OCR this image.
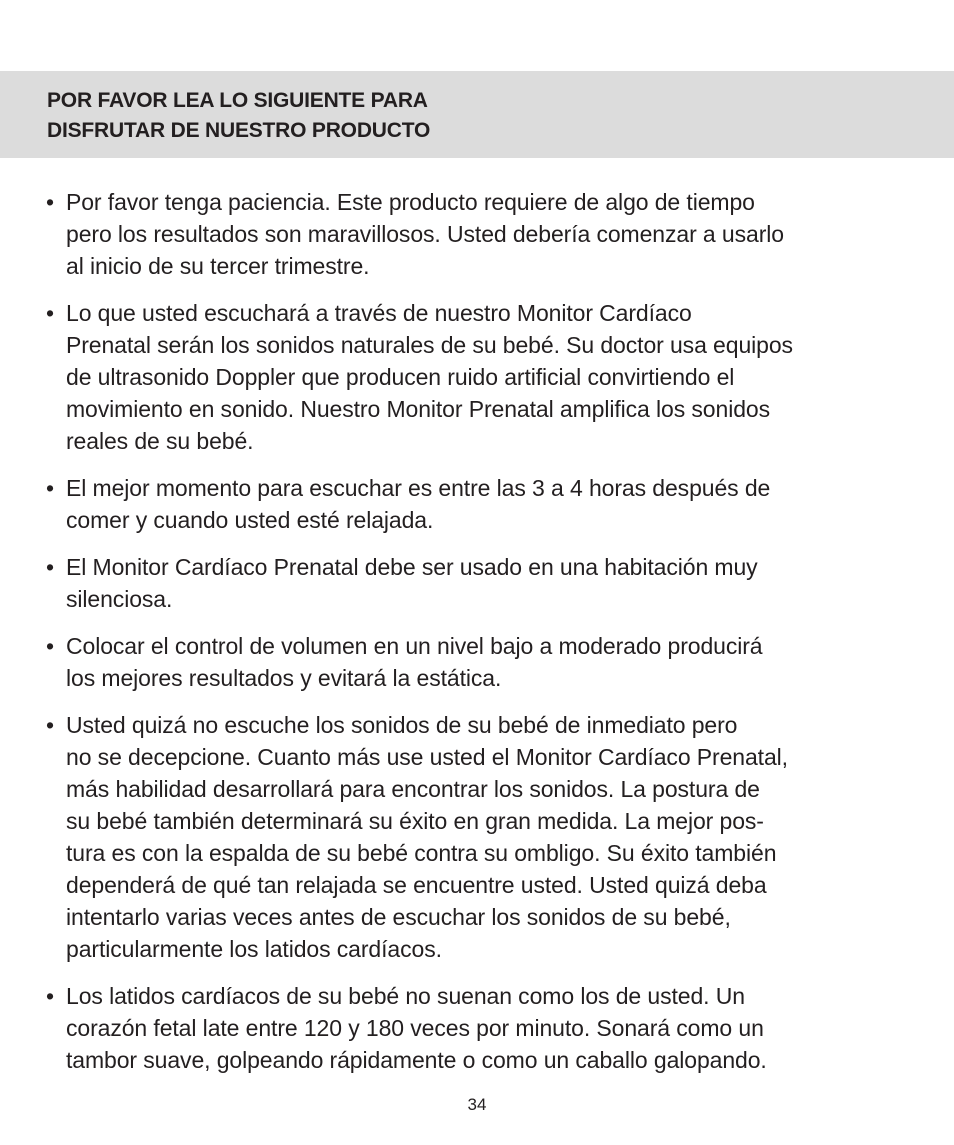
POR FAVOR LEA LO SIGUIENTE PARA
DISFRUTAR DE NUESTRO PRODUCTO
• Por favor tenga paciencia. Este producto requiere de algo de tiempo
pero los resultados son maravillosos. Usted debería comenzar a usarlo
al inicio de su tercer trimestre.
• Lo que usted escuchará a través de nuestro Monitor Cardíaco
Prenatal serán los sonidos naturales de su bebé. Su doctor usa equipos
de ultrasonido Doppler que producen ruido artificial convirtiendo el
movimiento en sonido. Nuestro Monitor Prenatal amplifica los sonidos
reales de su bebé.
• El mejor momento para escuchar es entre las 3 a 4 horas después de
comer y cuando usted esté relajada.
• El Monitor Cardíaco Prenatal debe ser usado en una habitación muy
silenciosa.
• Colocar el control de volumen en un nivel bajo a moderado producirá
los mejores resultados y evitará la estática.
• Usted quizá no escuche los sonidos de su bebé de inmediato pero
no se decepcione. Cuanto más use usted el Monitor Cardíaco Prenatal,
más habilidad desarrollará para encontrar los sonidos. La postura de
su bebé también determinará su éxito en gran medida. La mejor pos-
tura es con la espalda de su bebé contra su ombligo. Su éxito también
dependerá de qué tan relajada se encuentre usted. Usted quizá deba
intentarlo varias veces antes de escuchar los sonidos de su bebé,
particularmente los latidos cardíacos.
• Los latidos cardíacos de su bebé no suenan como los de usted. Un
corazón fetal late entre 120 y 180 veces por minuto. Sonará como un
tambor suave, golpeando rápidamente o como un caballo galopando.
34
